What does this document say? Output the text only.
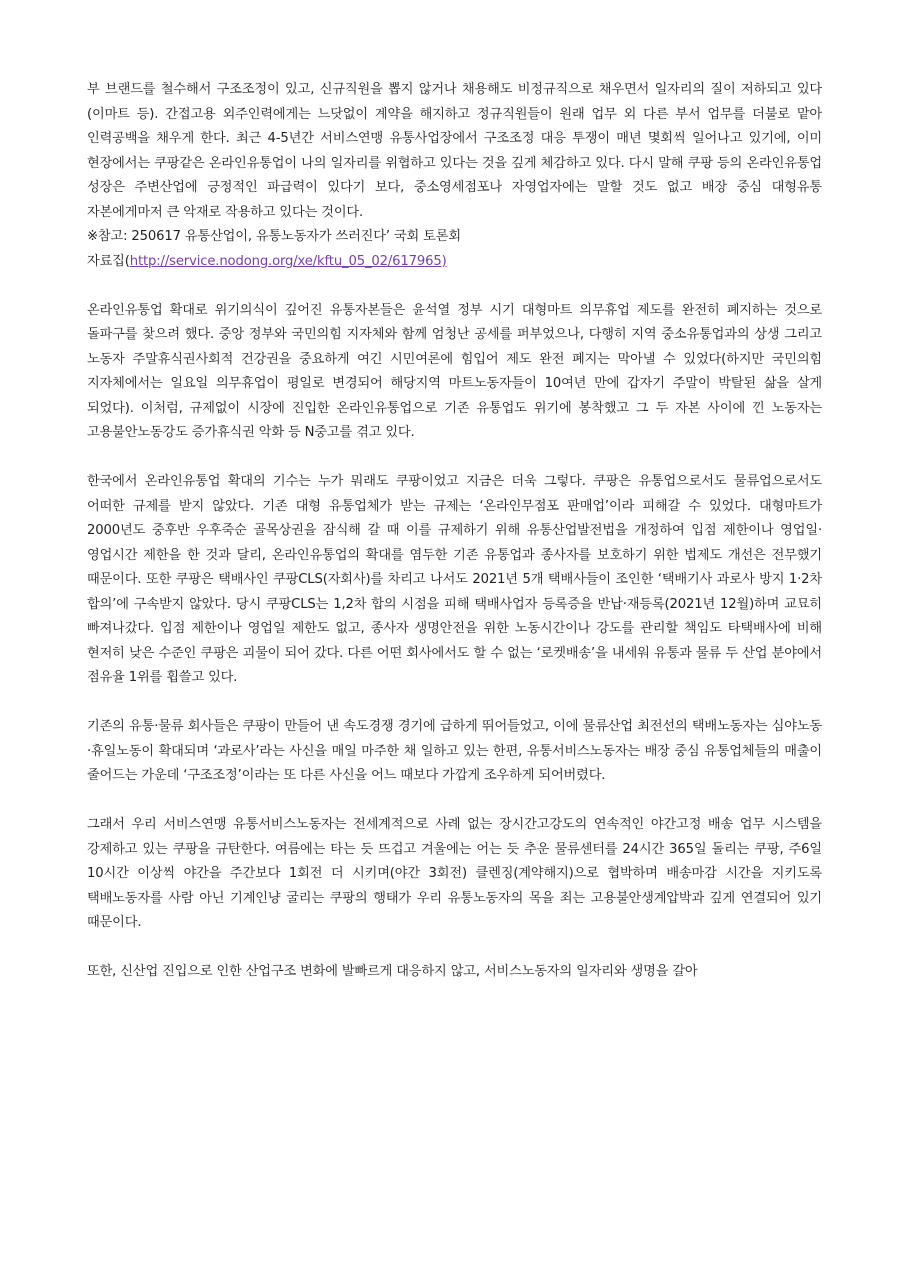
부 브랜드를 철수해서 구조조정이 있고, 신규직원을 뽑지 않거나 채용해도 비정규직으로 채우면서 일자리의 질이 저하되고 있다(이마트 등). 간접고용 외주인력에게는 느닷없이 계약을 해지하고 정규직원들이 원래 업무 외 다른 부서 업무를 더불로 맡아 인력공백을 채우게 한다. 최근 4-5년간 서비스연맹 유통사업장에서 구조조정 대응 투쟁이 매년 몇회씩 일어나고 있기에, 이미 현장에서는 쿠팡같은 온라인유통업이 나의 일자리를 위협하고 있다는 것을 깊게 체감하고 있다. 다시 말해 쿠팡 등의 온라인유통업 성장은 주변산업에 긍정적인 파급력이 있다기 보다, 중소영세점포나 자영업자에는 말할 것도 없고 배장 중심 대형유통 자본에게마저 큰 악재로 작용하고 있다는 것이다.

※참고: 250617 유통산업이, 유통노동자가 쓰러진다’ 국회 토론회

자료집(http://service.nodong.org/xe/kftu_05_02/617965)

온라인유통업 확대로 위기의식이 깊어진 유통자본들은 윤석열 정부 시기 대형마트 의무휴업 제도를 완전히 폐지하는 것으로 돌파구를 찾으려 했다. 중앙 정부와 국민의힘 지자체와 함께 엄청난 공세를 퍼부었으나, 다행히 지역 중소유통업과의 상생 그리고 노동자 주말휴식권사회적 건강권을 중요하게 여긴 시민여론에 힘입어 제도 완전 폐지는 막아낼 수 있었다(하지만 국민의힘 지자체에서는 일요일 의무휴업이 평일로 변경되어 해당지역 마트노동자들이 10여년 만에 갑자기 주말이 박탈된 삶을 살게 되었다). 이처럼, 규제없이 시장에 진입한 온라인유통업으로 기존 유통업도 위기에 봉착했고 그 두 자본 사이에 낀 노동자는 고용불안노동강도 증가휴식권 악화 등 N중고를 겪고 있다.

한국에서 온라인유통업 확대의 기수는 누가 뭐래도 쿠팡이었고 지금은 더욱 그렇다. 쿠팡은 유통업으로서도 물류업으로서도 어떠한 규제를 받지 않았다. 기존 대형 유통업체가 받는 규제는 ‘온라인무점포 판매업’이라 피해갈 수 있었다. 대형마트가 2000년도 중후반 우후죽순 골목상권을 잠식해 갈 때 이를 규제하기 위해 유통산업발전법을 개정하여 입점 제한이나 영업일·영업시간 제한을 한 것과 달리, 온라인유통업의 확대를 염두한 기존 유통업과 종사자를 보호하기 위한 법제도 개선은 전무했기 때문이다. 또한 쿠팡은 택배사인 쿠팡CLS(자회사)를 차리고 나서도 2021년 5개 택배사들이 조인한 ‘택배기사 과로사 방지 1·2차 합의’에 구속받지 않았다. 당시 쿠팡CLS는 1,2차 합의 시점을 피해 택배사업자 등록증을 반납·재등록(2021년 12월)하며 교묘히 빠져나갔다. 입점 제한이나 영업일 제한도 없고, 종사자 생명안전을 위한 노동시간이나 강도를 관리할 책임도 타택배사에 비해 현저히 낮은 수준인 쿠팡은 괴물이 되어 갔다. 다른 어떤 회사에서도 할 수 없는 ‘로켓배송’을 내세워 유통과 물류 두 산업 분야에서 점유율 1위를 휩쓸고 있다.

기존의 유통·물류 회사들은 쿠팡이 만들어 낸 속도경쟁 경기에 급하게 뛰어들었고, 이에 물류산업 최전선의 택배노동자는 심야노동·휴일노동이 확대되며 ‘과로사’라는 사신을 매일 마주한 채 일하고 있는 한편, 유통서비스노동자는 배장 중심 유통업체들의 매출이 줄어드는 가운데 ‘구조조정’이라는 또 다른 사신을 어느 때보다 가깝게 조우하게 되어버렸다.

그래서 우리 서비스연맹 유통서비스노동자는 전세계적으로 사례 없는 장시간고강도의 연속적인 야간고정 배송 업무 시스템을 강제하고 있는 쿠팡을 규탄한다. 여름에는 타는 듯 뜨겁고 겨울에는 어는 듯 추운 물류센터를 24시간 365일 돌리는 쿠팡, 주6일 10시간 이상씩 야간을 주간보다 1회전 더 시키며(야간 3회전) 클렌징(계약해지)으로 협박하며 배송마감 시간을 지키도록 택배노동자를 사람 아닌 기계인냥 굴리는 쿠팡의 행태가 우리 유통노동자의 목을 죄는 고용불안생계압박과 깊게 연결되어 있기 때문이다.

또한, 신산업 진입으로 인한 산업구조 변화에 발빠르게 대응하지 않고, 서비스노동자의 일자리와 생명을 갈아
